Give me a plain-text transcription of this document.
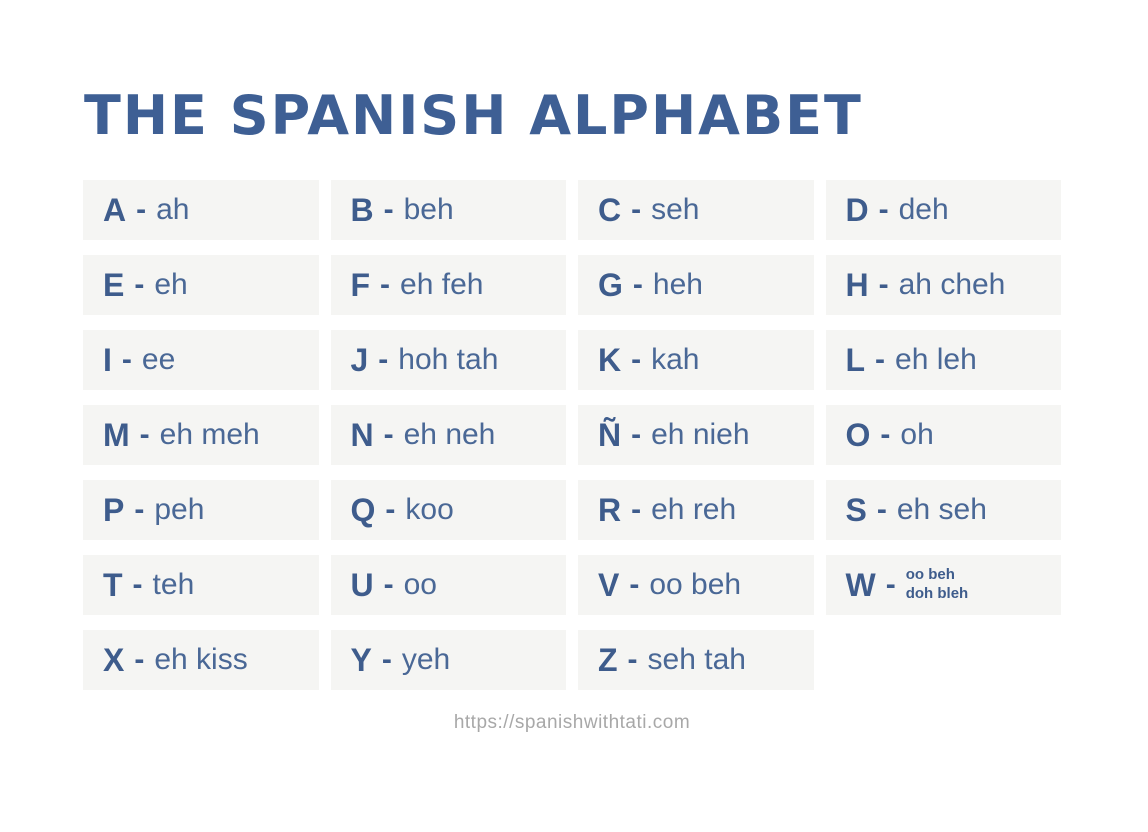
THE SPANISH ALPHABET
A - ah	B - beh	C - seh	D - deh
E - eh	F - eh feh	G - heh	H - ah cheh
I - ee	J - hoh tah	K - kah	L - eh leh
M - eh meh	N - eh neh	Ñ - eh nieh	O - oh
P - peh	Q - koo	R - eh reh	S - eh seh
T - teh	U - oo	V - oo beh	W - oo beh
doh bleh
X - eh kiss	Y - yeh	Z - seh tah
https://spanishwithtati.com
